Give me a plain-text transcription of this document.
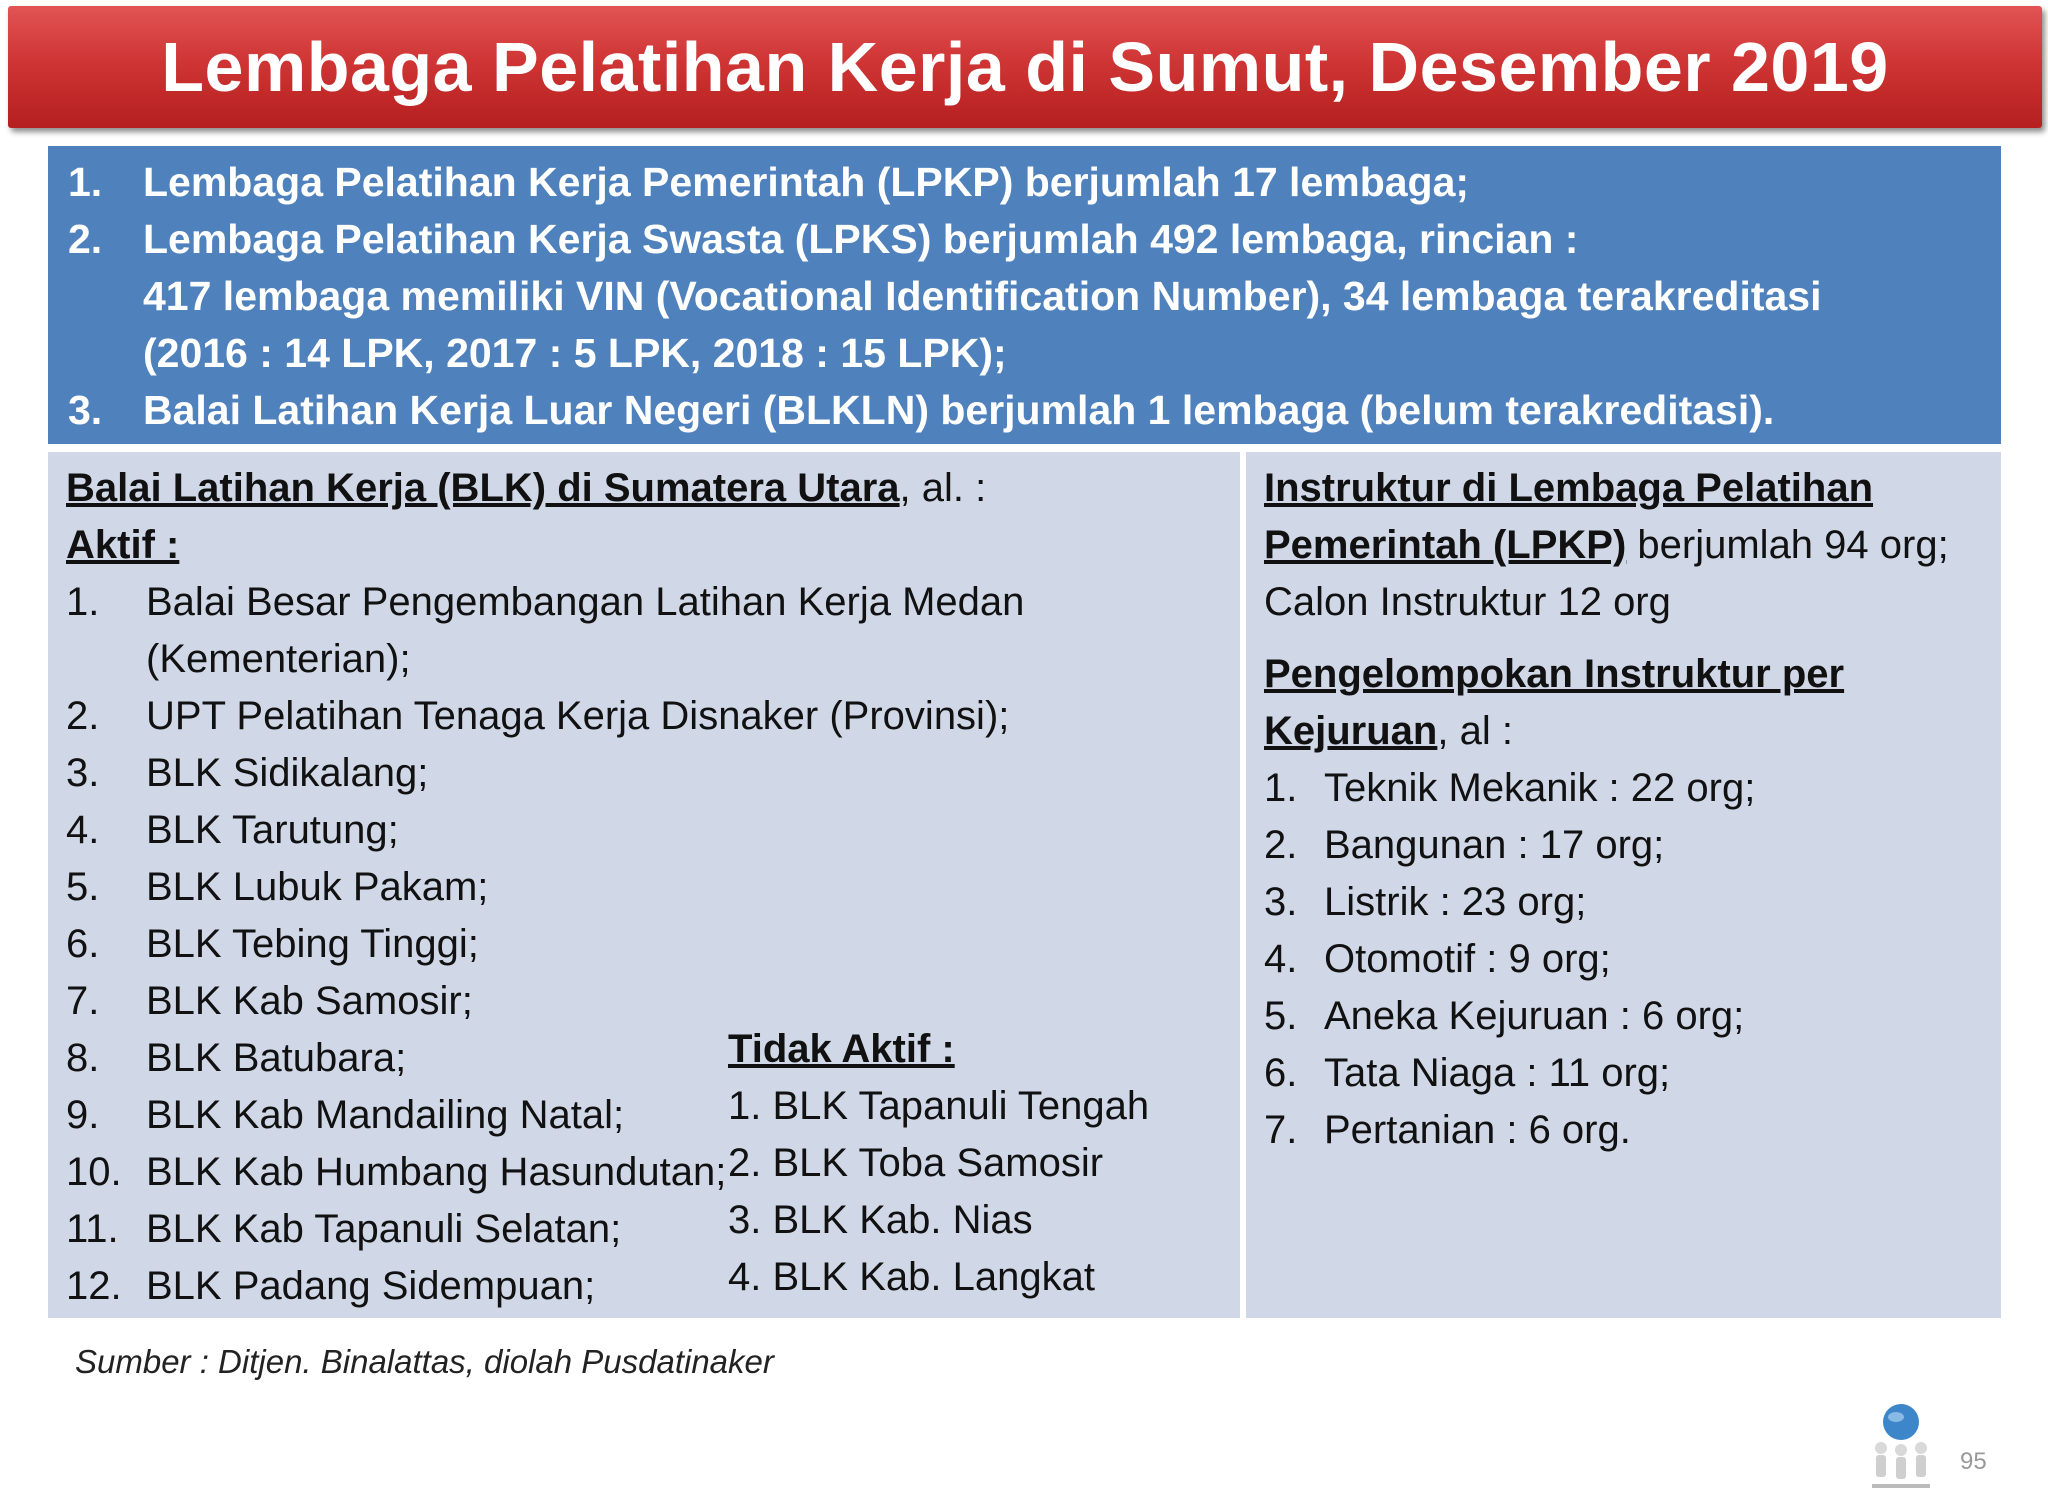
Lembaga Pelatihan Kerja di Sumut, Desember 2019
1. Lembaga Pelatihan Kerja Pemerintah (LPKP) berjumlah 17 lembaga;
2. Lembaga Pelatihan Kerja Swasta (LPKS) berjumlah 492 lembaga, rincian :
417 lembaga memiliki VIN (Vocational Identification Number), 34 lembaga terakreditasi
(2016 : 14 LPK, 2017 : 5 LPK, 2018 : 15 LPK);
3. Balai Latihan Kerja Luar Negeri (BLKLN) berjumlah 1 lembaga (belum terakreditasi).
Balai Latihan Kerja (BLK) di Sumatera Utara, al. :
Aktif :
1.	Balai Besar Pengembangan Latihan Kerja Medan
(Kementerian);
2.	UPT Pelatihan Tenaga Kerja Disnaker (Provinsi);
3.	BLK Sidikalang;
4.	BLK Tarutung;
5.	BLK Lubuk Pakam;
6.	BLK Tebing Tinggi;
7.	BLK Kab Samosir;
8.	BLK Batubara;
9.	BLK Kab Mandailing Natal;
10. BLK Kab Humbang Hasundutan;
11. BLK Kab Tapanuli Selatan;
12. BLK Padang Sidempuan;
Tidak Aktif :
1. BLK Tapanuli Tengah
2. BLK Toba Samosir
3. BLK Kab. Nias
4. BLK Kab. Langkat
Instruktur di Lembaga Pelatihan
Pemerintah (LPKP) berjumlah 94 org;
Calon Instruktur 12 org
Pengelompokan Instruktur per
Kejuruan, al :
1. Teknik Mekanik : 22 org;
2. Bangunan : 17 org;
3. Listrik : 23 org;
4. Otomotif : 9 org;
5. Aneka Kejuruan : 6 org;
6. Tata Niaga : 11 org;
7. Pertanian : 6 org.
Sumber : Ditjen. Binalattas, diolah Pusdatinaker
95
